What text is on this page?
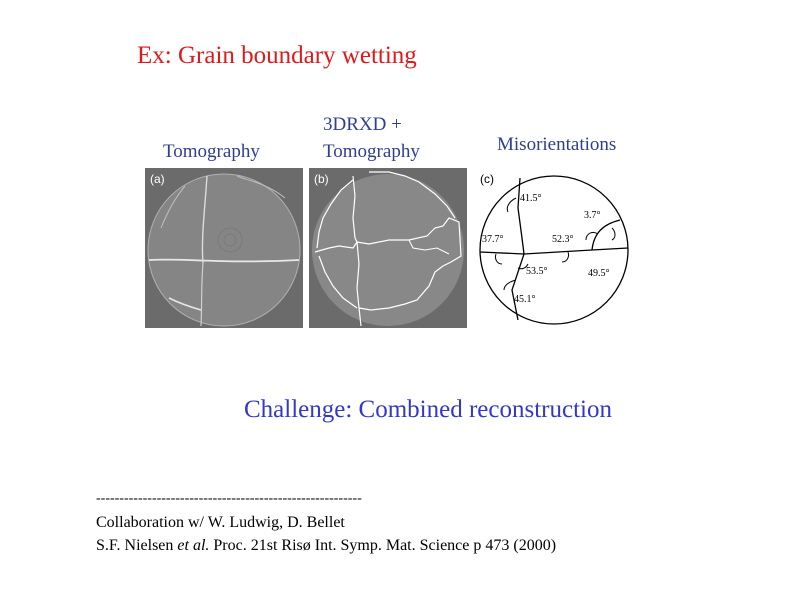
Ex: Grain boundary wetting
Tomography
3DRXD +
Tomography	Misorientations
(a)	(b)	(c)
41.5°
3.7°
37.7°	52.3°
53.5°	49.5°
45.1°
Challenge: Combined reconstruction
---------------------------------------------------------
Collaboration w/ W. Ludwig, D. Bellet
S.F. Nielsen et al. Proc. 21st Risø Int. Symp. Mat. Science p 473 (2000)
